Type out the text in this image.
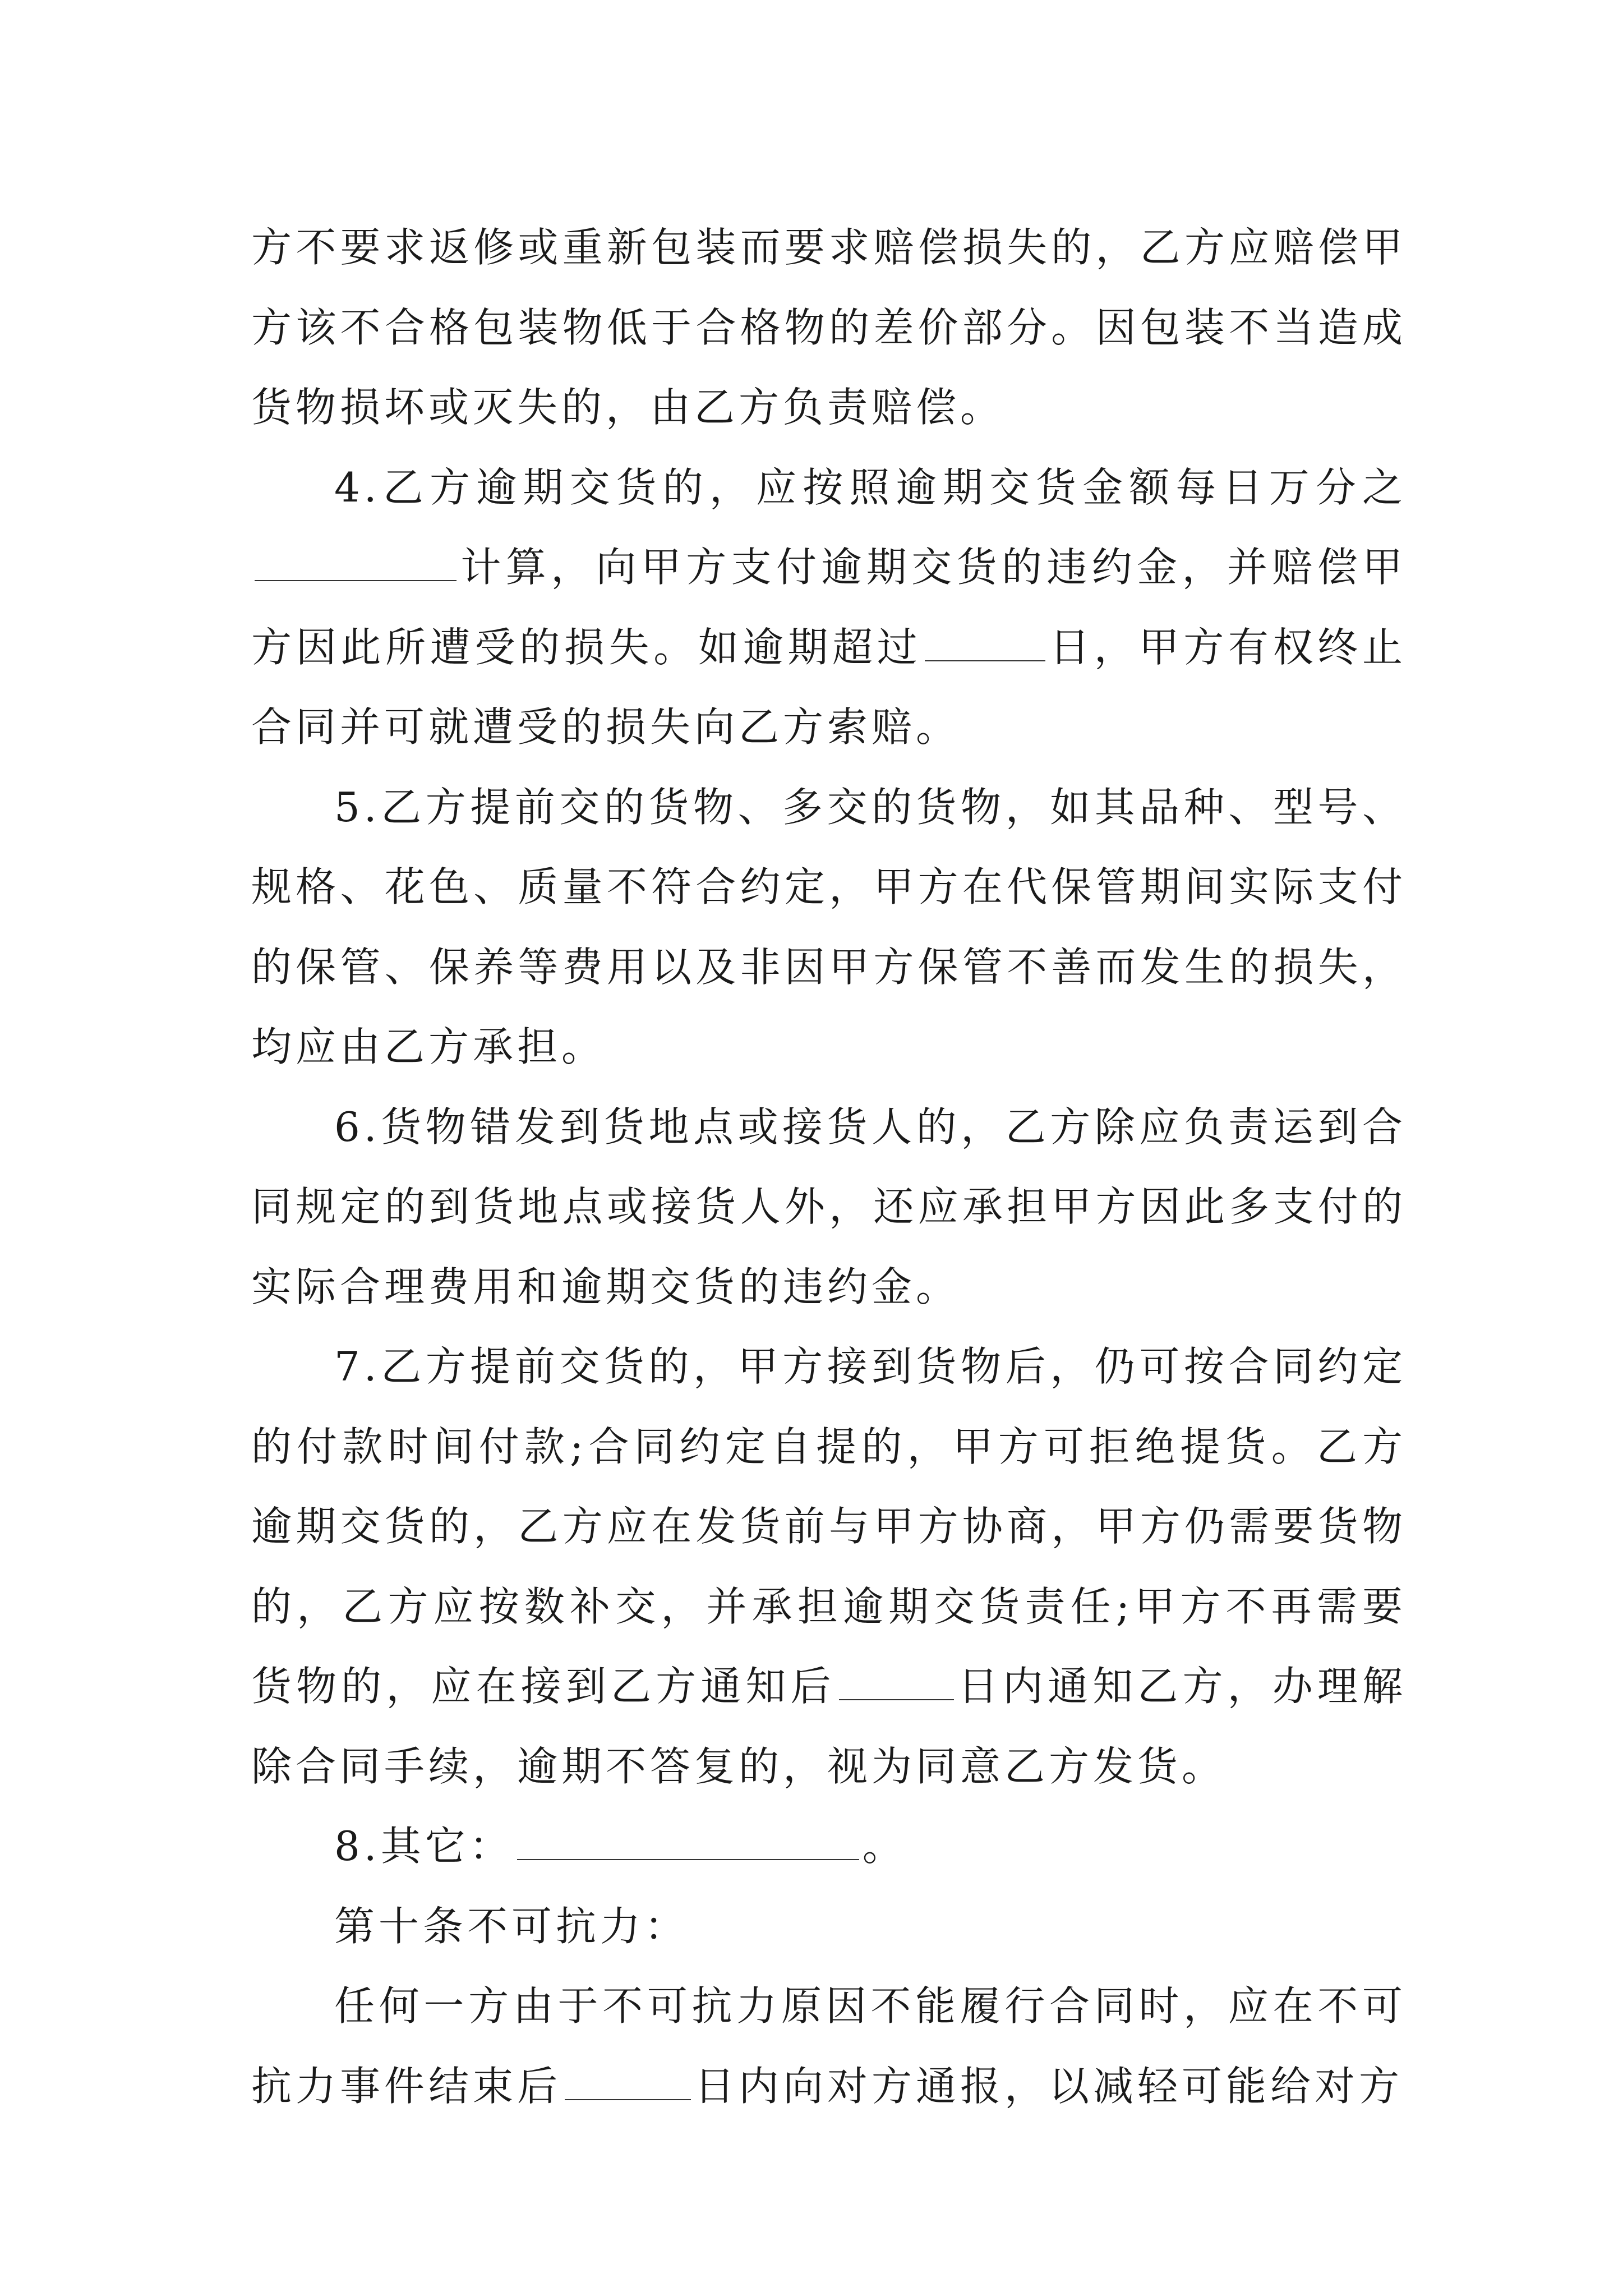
方不要求返修或重新包装而要求赔偿损失的，乙方应赔偿甲方该不合格包装物低于合格物的差价部分。因包装不当造成货物损坏或灭失的，由乙方负责赔偿。

4.乙方逾期交货的，应按照逾期交货金额每日万分之计算，向甲方支付逾期交货的违约金，并赔偿甲方因此所遭受的损失。如逾期超过	日，甲方有权终止合同并可就遭受的损失向乙方索赔。

5.乙方提前交的货物、多交的货物，如其品种、型号、规格、花色、质量不符合约定，甲方在代保管期间实际支付的保管、保养等费用以及非因甲方保管不善而发生的损失，均应由乙方承担。

6.货物错发到货地点或接货人的，乙方除应负责运到合同规定的到货地点或接货人外，还应承担甲方因此多支付的实际合理费用和逾期交货的违约金。

7.乙方提前交货的，甲方接到货物后，仍可按合同约定的付款时间付款;合同约定自提的，甲方可拒绝提货。乙方逾期交货的，乙方应在发货前与甲方协商，甲方仍需要货物的，乙方应按数补交，并承担逾期交货责任;甲方不再需要货物的，应在接到乙方通知后	日内通知乙方，办理解除合同手续，逾期不答复的，视为同意乙方发货。

8.其它：	。

第十条不可抗力：

任何一方由于不可抗力原因不能履行合同时，应在不可抗力事件结束后	日内向对方通报，以减轻可能给对方
